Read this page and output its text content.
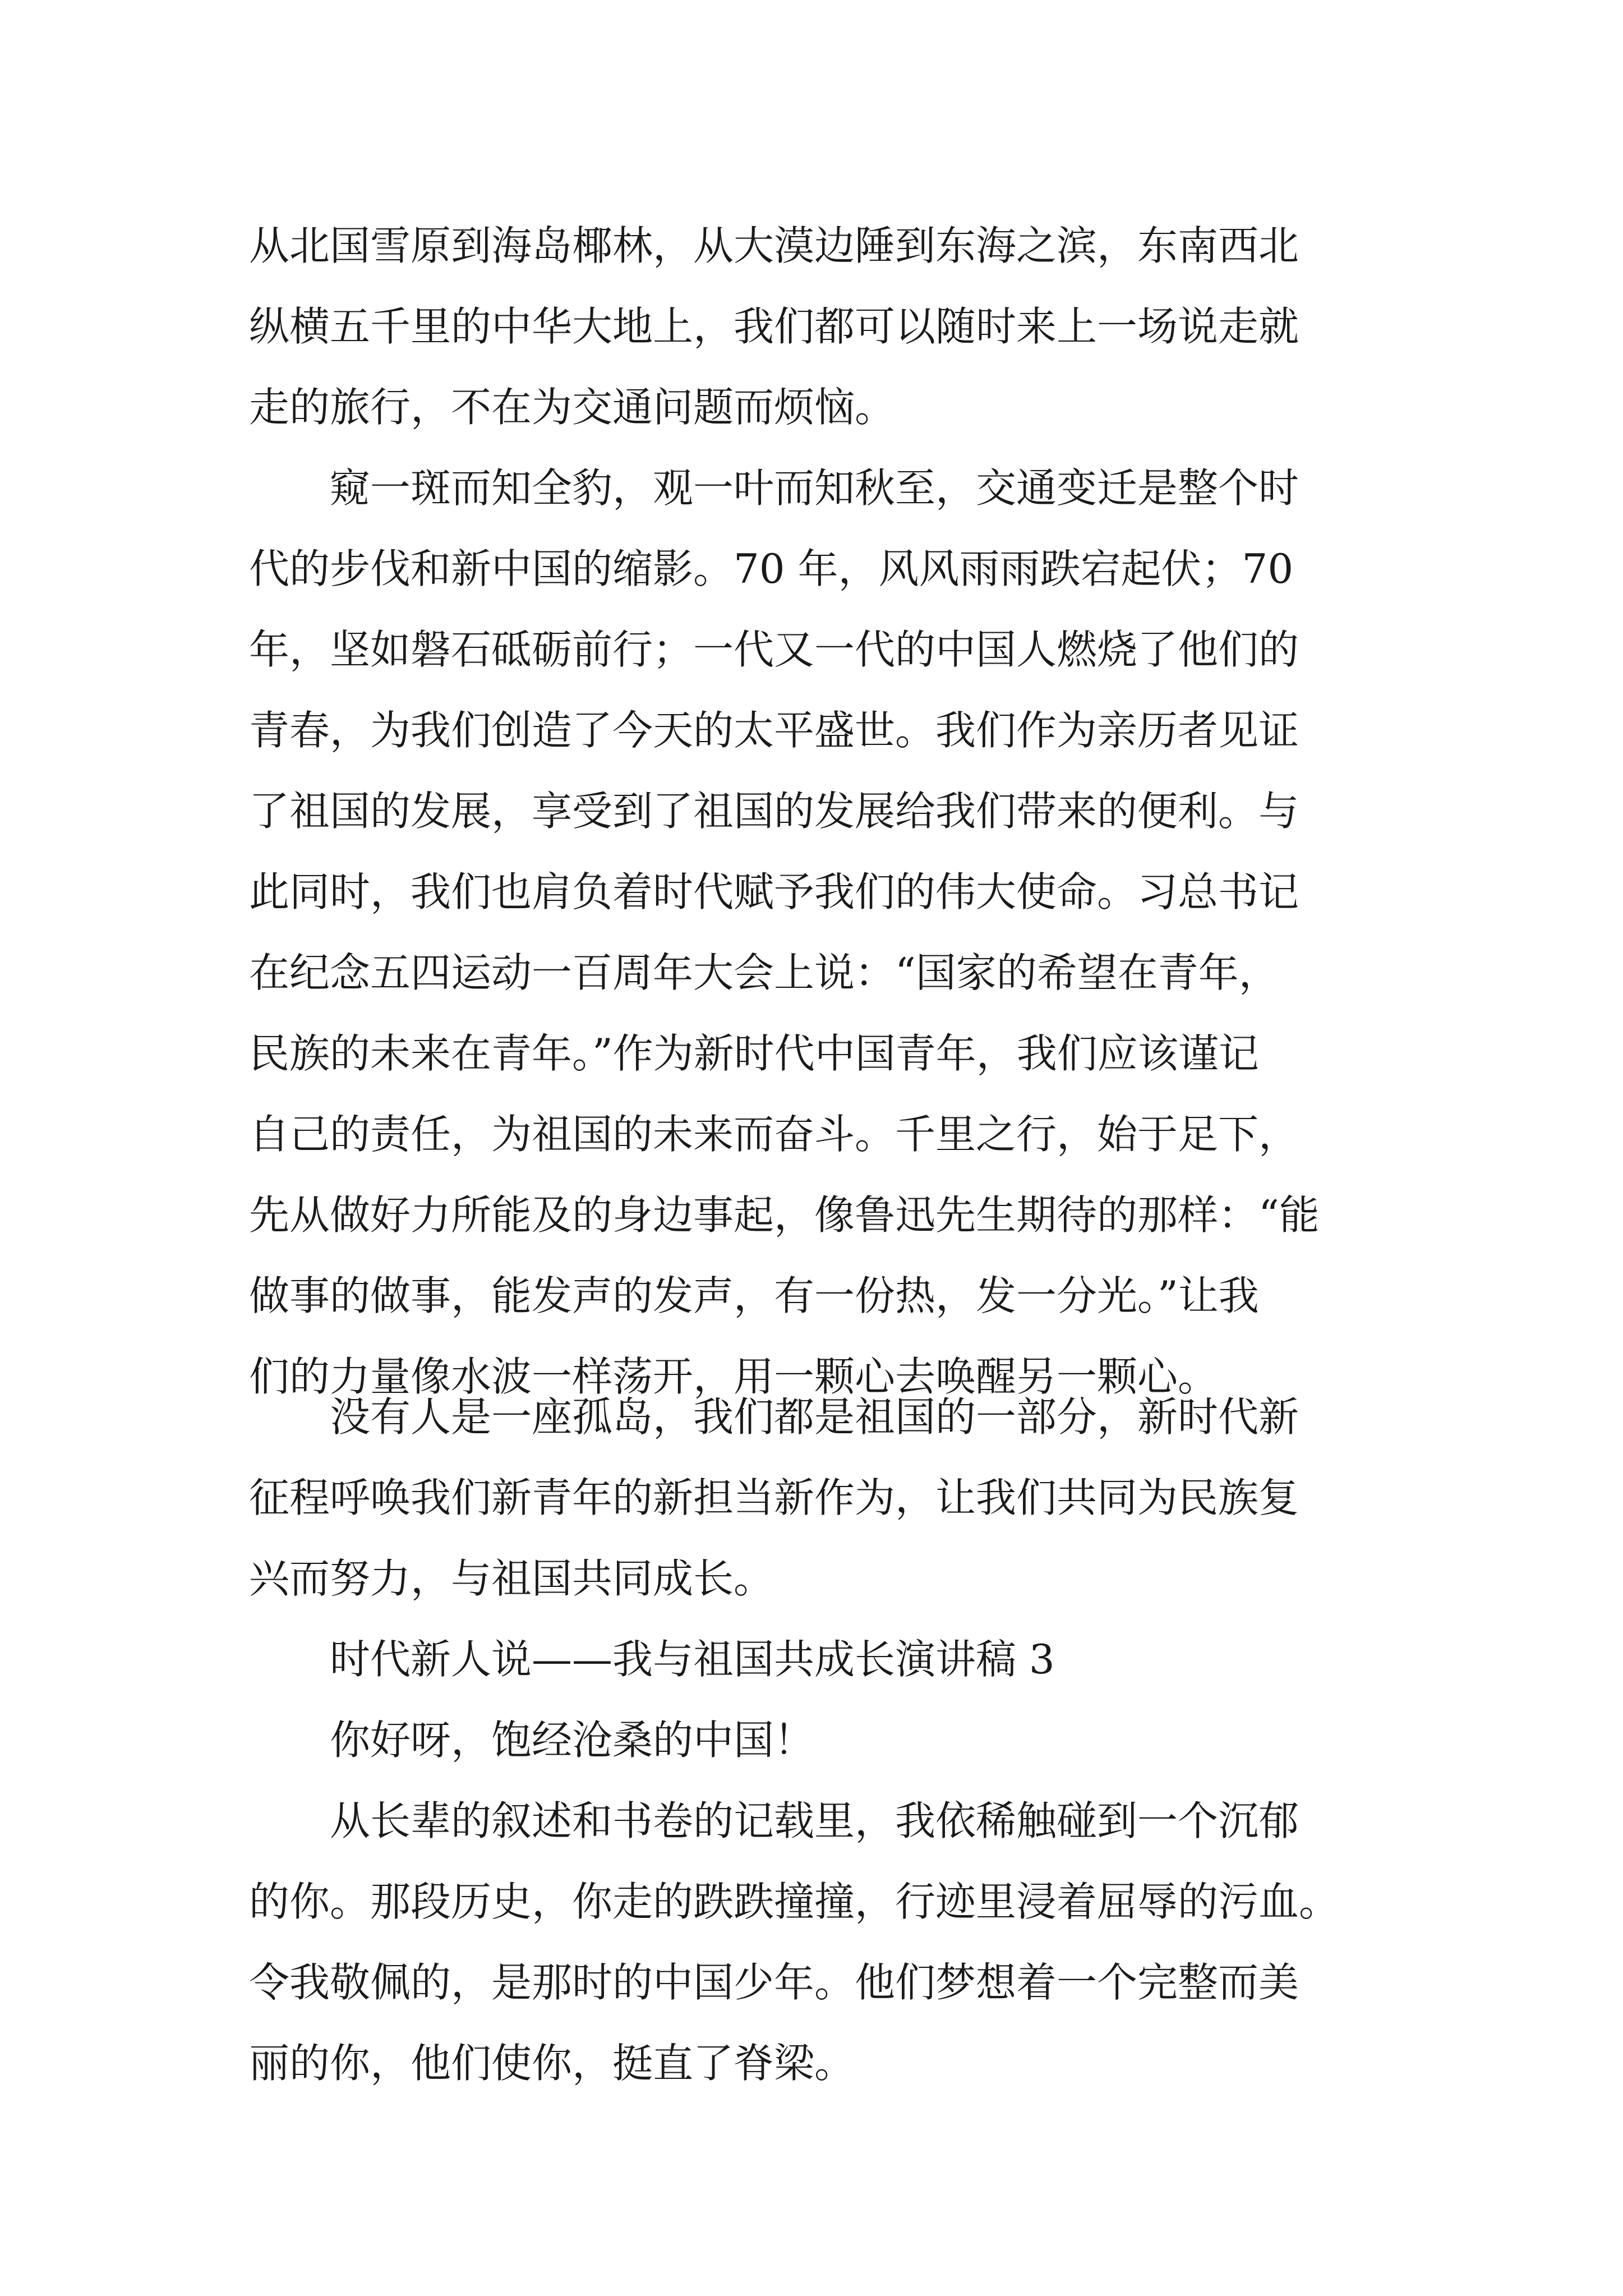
从北国雪原到海岛椰林，从大漠边陲到东海之滨，东南西北
纵横五千里的中华大地上，我们都可以随时来上一场说走就
走的旅行，不在为交通问题而烦恼。
窥一斑而知全豹，观一叶而知秋至，交通变迁是整个时
代的步伐和新中国的缩影。70 年，风风雨雨跌宕起伏；70
年，坚如磐石砥砺前行；一代又一代的中国人燃烧了他们的
青春，为我们创造了今天的太平盛世。我们作为亲历者见证
了祖国的发展，享受到了祖国的发展给我们带来的便利。与
此同时，我们也肩负着时代赋予我们的伟大使命。习总书记
在纪念五四运动一百周年大会上说：“国家的希望在青年，
民族的未来在青年。”作为新时代中国青年，我们应该谨记
自己的责任，为祖国的未来而奋斗。千里之行，始于足下，
先从做好力所能及的身边事起，像鲁迅先生期待的那样：“能
做事的做事，能发声的发声，有一份热，发一分光。”让我
们的力量像水波一样荡开，用一颗心去唤醒另一颗心。
没有人是一座孤岛，我们都是祖国的一部分，新时代新
征程呼唤我们新青年的新担当新作为，让我们共同为民族复
兴而努力，与祖国共同成长。
时代新人说——我与祖国共成长演讲稿 3
你好呀，饱经沧桑的中国！
从长辈的叙述和书卷的记载里，我依稀触碰到一个沉郁
的你。那段历史，你走的跌跌撞撞，行迹里浸着屈辱的污血。
令我敬佩的，是那时的中国少年。他们梦想着一个完整而美
丽的你，他们使你，挺直了脊梁。
